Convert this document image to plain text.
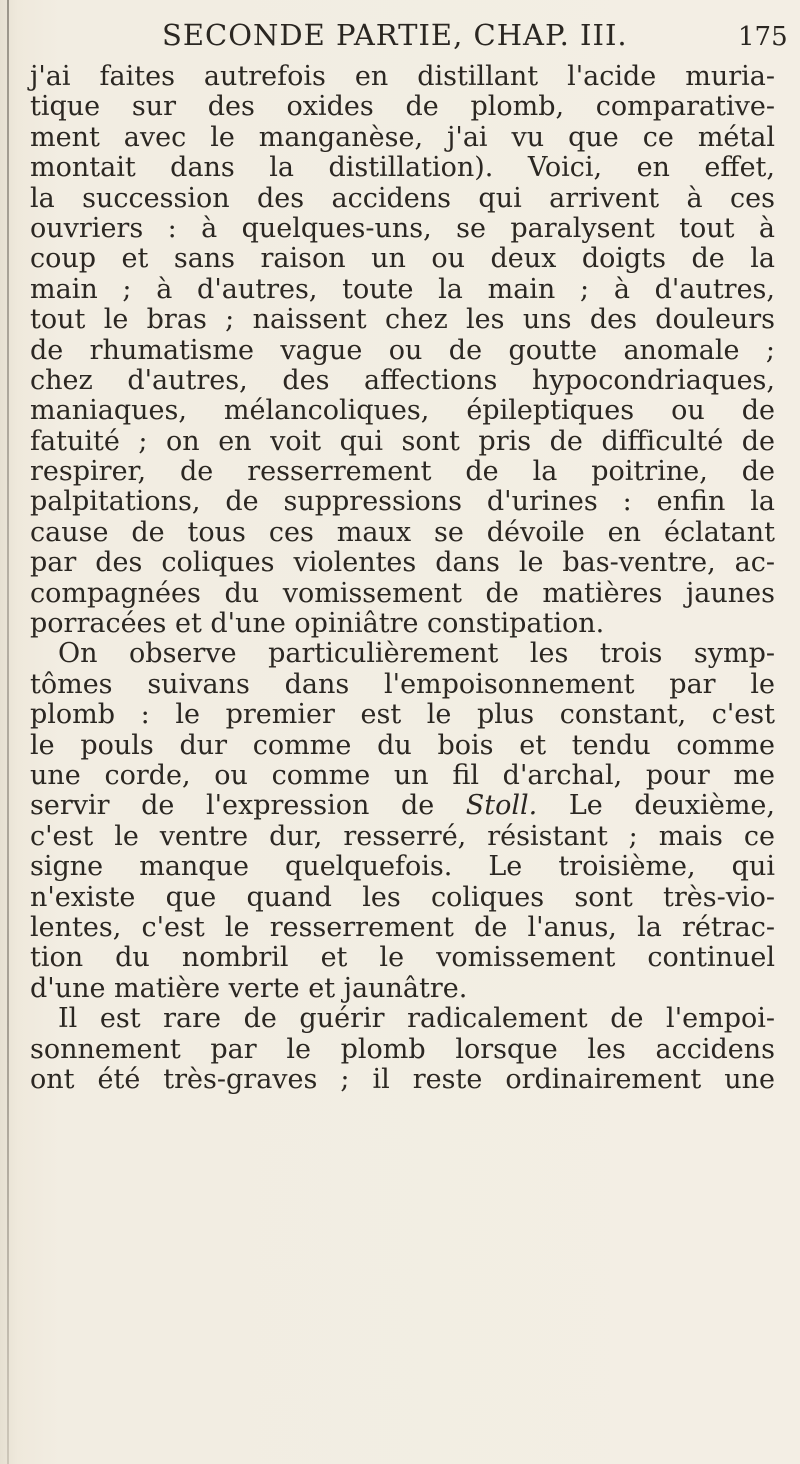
SECONDE PARTIE, CHAP. III.	175
j'ai faites autrefois en distillant l'acide muria-
tique sur des oxides de plomb, comparative-
ment avec le manganèse, j'ai vu que ce métal
montait dans la distillation). Voici, en effet,
la succession des accidens qui arrivent à ces
ouvriers : à quelques-uns, se paralysent tout à
coup et sans raison un ou deux doigts de la
main ; à d'autres, toute la main ; à d'autres,
tout le bras ; naissent chez les uns des douleurs
de rhumatisme vague ou de goutte anomale ;
chez d'autres, des affections hypocondriaques,
maniaques, mélancoliques, épileptiques ou de
fatuité ; on en voit qui sont pris de difficulté de
respirer, de resserrement de la poitrine, de
palpitations, de suppressions d'urines : enfin la
cause de tous ces maux se dévoile en éclatant
par des coliques violentes dans le bas-ventre, ac-
compagnées du vomissement de matières jaunes
porracées et d'une opiniâtre constipation.
On observe particulièrement les trois symp-
tômes suivans dans l'empoisonnement par le
plomb : le premier est le plus constant, c'est
le pouls dur comme du bois et tendu comme
une corde, ou comme un fil d'archal, pour me
servir de l'expression de Stoll. Le deuxième,
c'est le ventre dur, resserré, résistant ; mais ce
signe manque quelquefois. Le troisième, qui
n'existe que quand les coliques sont très-vio-
lentes, c'est le resserrement de l'anus, la rétrac-
tion du nombril et le vomissement continuel
d'une matière verte et jaunâtre.
Il est rare de guérir radicalement de l'empoi-
sonnement par le plomb lorsque les accidens
ont été très-graves ; il reste ordinairement une
